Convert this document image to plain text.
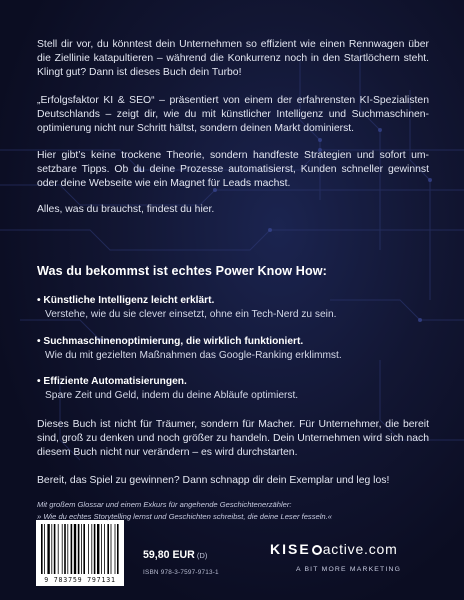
Stell dir vor, du könntest dein Unternehmen so effizient wie einen Rennwagen über die Ziellinie katapultieren – während die Konkurrenz noch in den Startlöchern steht. Klingt gut? Dann ist dieses Buch dein Turbo!

„Erfolgsfaktor KI & SEO“ – präsentiert von einem der erfahrensten KI-Spezialisten Deutschlands – zeigt dir, wie du mit künstlicher Intelligenz und Suchmaschinenoptimierung nicht nur Schritt hältst, sondern deinen Markt dominierst.

Hier gibt’s keine trockene Theorie, sondern handfeste Strategien und sofort umsetzbare Tipps. Ob du deine Prozesse automatisierst, Kunden schneller gewinnst oder deine Webseite wie ein Magnet für Leads machst.

Alles, was du brauchst, findest du hier.

Was du bekommst ist echtes Power Know How:
• Künstliche Intelligenz leicht erklärt.
Verstehe, wie du sie clever einsetzt, ohne ein Tech-Nerd zu sein.
• Suchmaschinenoptimierung, die wirklich funktioniert.
Wie du mit gezielten Maßnahmen das Google-Ranking erklimmst.
• Effiziente Automatisierungen.
Spare Zeit und Geld, indem du deine Abläufe optimierst.

Dieses Buch ist nicht für Träumer, sondern für Macher. Für Unternehmer, die bereit sind, groß zu denken und noch größer zu handeln. Dein Unternehmen wird sich nach diesem Buch nicht nur verändern – es wird durchstarten.

Bereit, das Spiel zu gewinnen? Dann schnapp dir dein Exemplar und leg los!

Mit großem Glossar und einem Exkurs für angehende Geschichtenerzähler:
» Wie du echtes Storytelling lernst und Geschichten schreibst, die deine Leser fesseln.«
9 783759 797131
59,80 EUR (D)
ISBN 978-3-7597-9713-1
KISE active.com
A BIT MORE MARKETING
